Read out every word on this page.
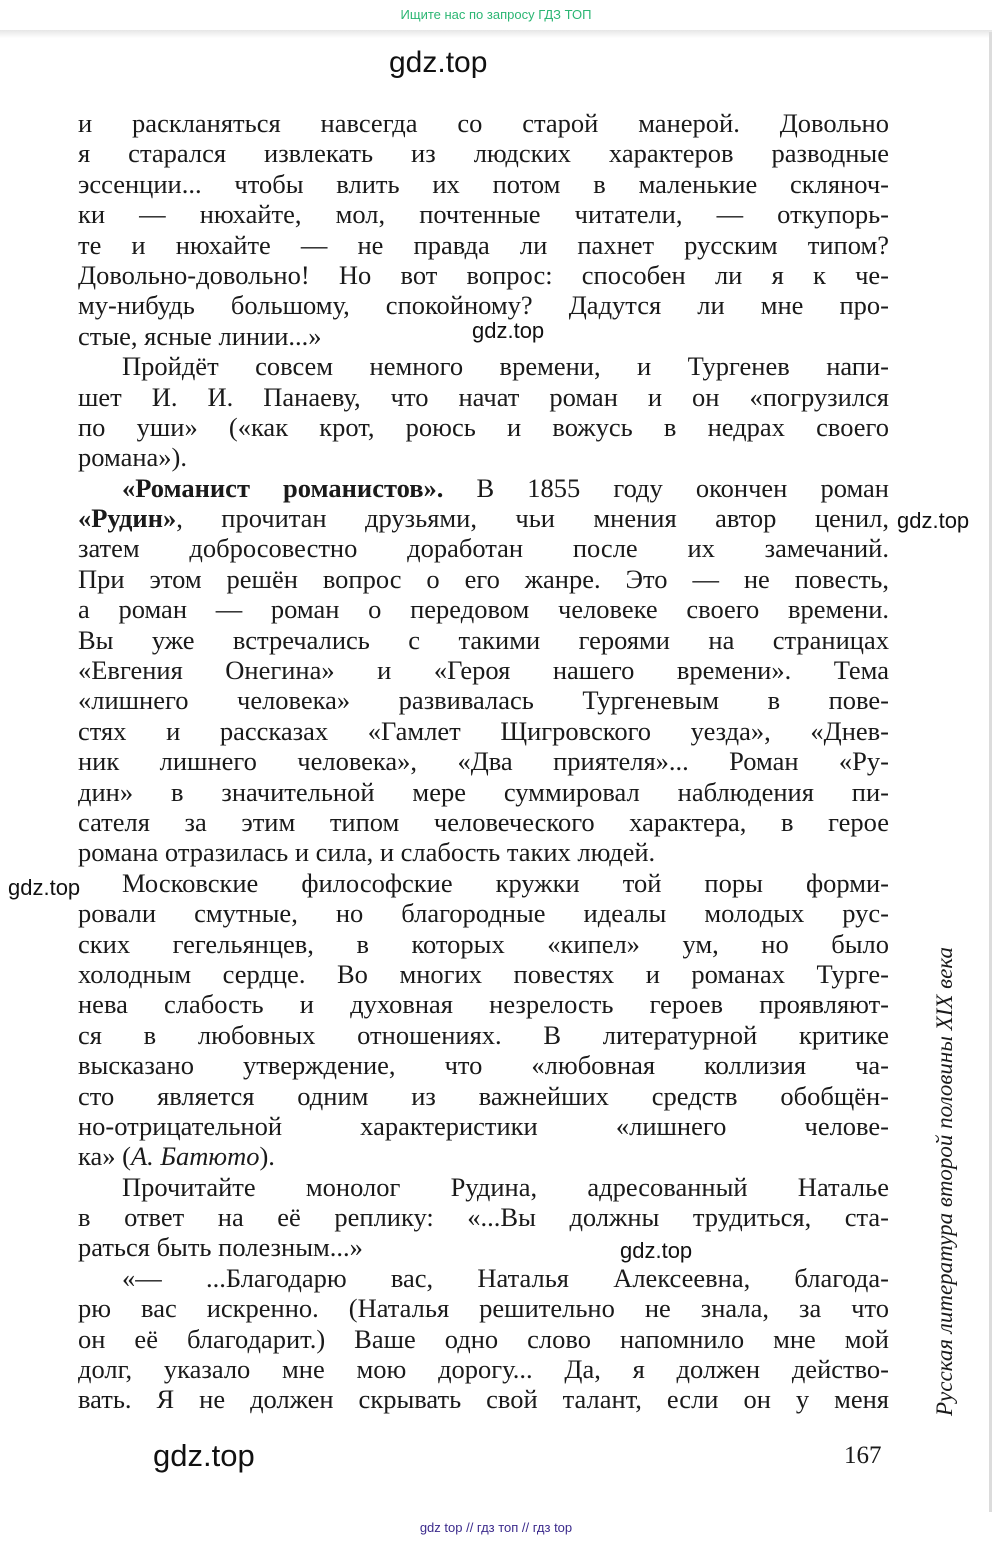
Ищите нас по запросу ГДЗ ТОП
gdz.top
и раскланяться навсегда со старой манерой. Довольно
я старался извлекать из людских характеров разводные
эссенции... чтобы влить их потом в маленькие скляноч-
ки — нюхайте, мол, почтенные читатели, — откупорь-
те и нюхайте — не правда ли пахнет русским типом?
Довольно-довольно! Но вот вопрос: способен ли я к че-
му-нибудь большому, спокойному? Дадутся ли мне про-
стые, ясные линии...»
Пройдёт совсем немного времени, и Тургенев напи-
шет И. И. Панаеву, что начат роман и он «погрузился
по уши» («как крот, роюсь и вожусь в недрах своего
романа»).
«Романист романистов». В 1855 году окончен роман
«Рудин», прочитан друзьями, чьи мнения автор ценил,
затем добросовестно доработан после их замечаний.
При этом решён вопрос о его жанре. Это — не повесть,
а роман — роман о передовом человеке своего времени.
Вы уже встречались с такими героями на страницах
«Евгения Онегина» и «Героя нашего времени». Тема
«лишнего человека» развивалась Тургеневым в пове-
стях и рассказах «Гамлет Щигровского уезда», «Днев-
ник лишнего человека», «Два приятеля»... Роман «Ру-
дин» в значительной мере суммировал наблюдения пи-
сателя за этим типом человеческого характера, в герое
романа отразилась и сила, и слабость таких людей.
Московские философские кружки той поры форми-
ровали смутные, но благородные идеалы молодых рус-
ских гегельянцев, в которых «кипел» ум, но было
холодным сердце. Во многих повестях и романах Турге-
нева слабость и духовная незрелость героев проявляют-
ся в любовных отношениях. В литературной критике
высказано утверждение, что «любовная коллизия ча-
сто является одним из важнейших средств обобщён-
но-отрицательной характеристики «лишнего челове-
ка» (А. Батюто).
Прочитайте монолог Рудина, адресованный Наталье
в ответ на её реплику: «...Вы должны трудиться, ста-
раться быть полезным...»
«— ...Благодарю вас, Наталья Алексеевна, благода-
рю вас искренно. (Наталья решительно не знала, за что
он её благодарит.) Ваше одно слово напомнило мне мой
долг, указало мне мою дорогу... Да, я должен действо-
вать. Я не должен скрывать свой талант, если он у меня
gdz.top
gdz.top
gdz.top
gdz.top	Русская литература второй половины XIX века
gdz.top	167
gdz top // гдз топ // гдз top
